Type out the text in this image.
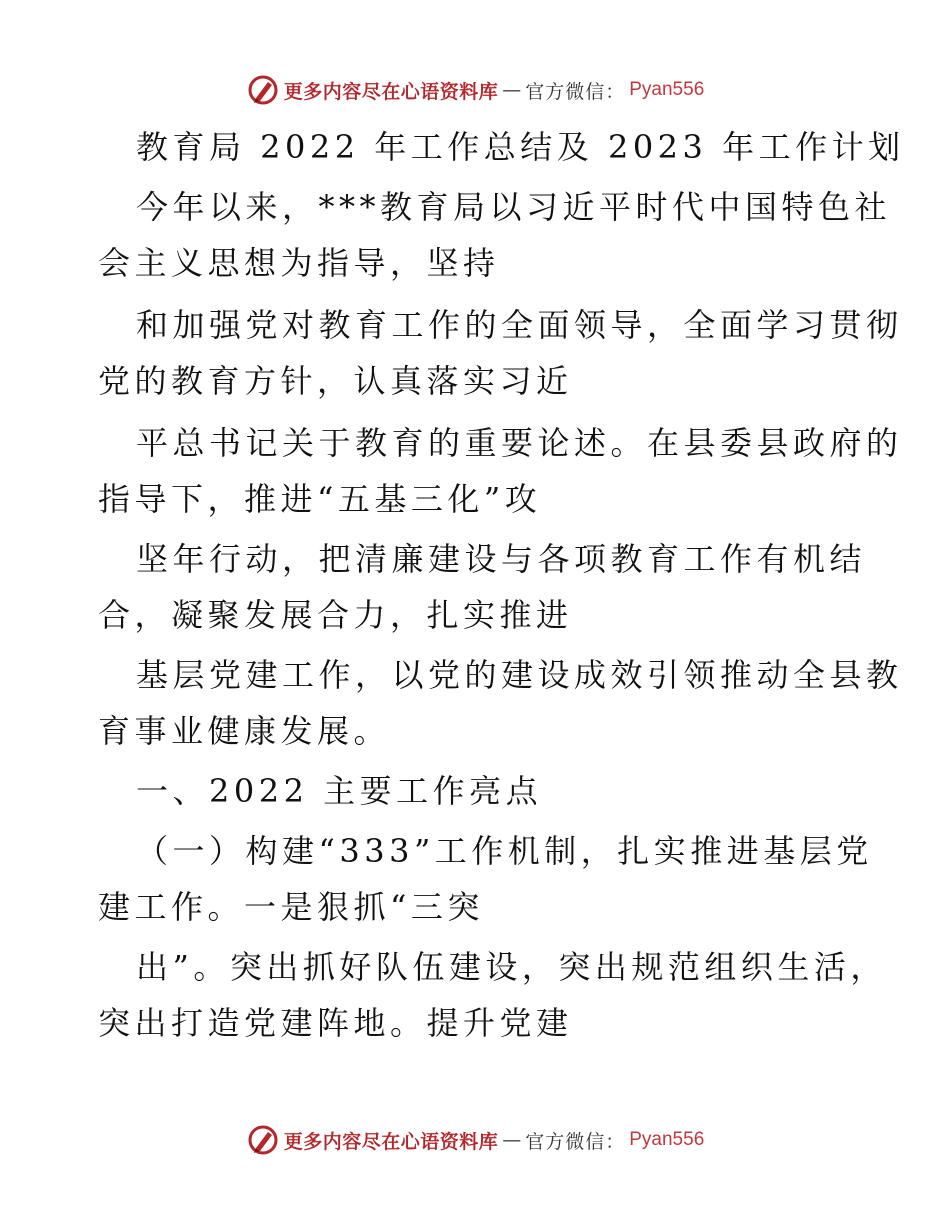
更多内容尽在心语资料库 — 官方微信： Pyan556
教育局 2022 年工作总结及 2023 年工作计划
今年以来，***教育局以习近平时代中国特色社
会主义思想为指导，坚持
和加强党对教育工作的全面领导，全面学习贯彻
党的教育方针，认真落实习近
平总书记关于教育的重要论述。在县委县政府的
指导下，推进“五基三化”攻
坚年行动，把清廉建设与各项教育工作有机结
合，凝聚发展合力，扎实推进
基层党建工作，以党的建设成效引领推动全县教
育事业健康发展。
一、2022 主要工作亮点
（一）构建“333”工作机制，扎实推进基层党
建工作。一是狠抓“三突
出”。突出抓好队伍建设，突出规范组织生活，
突出打造党建阵地。提升党建
更多内容尽在心语资料库 — 官方微信： Pyan556
